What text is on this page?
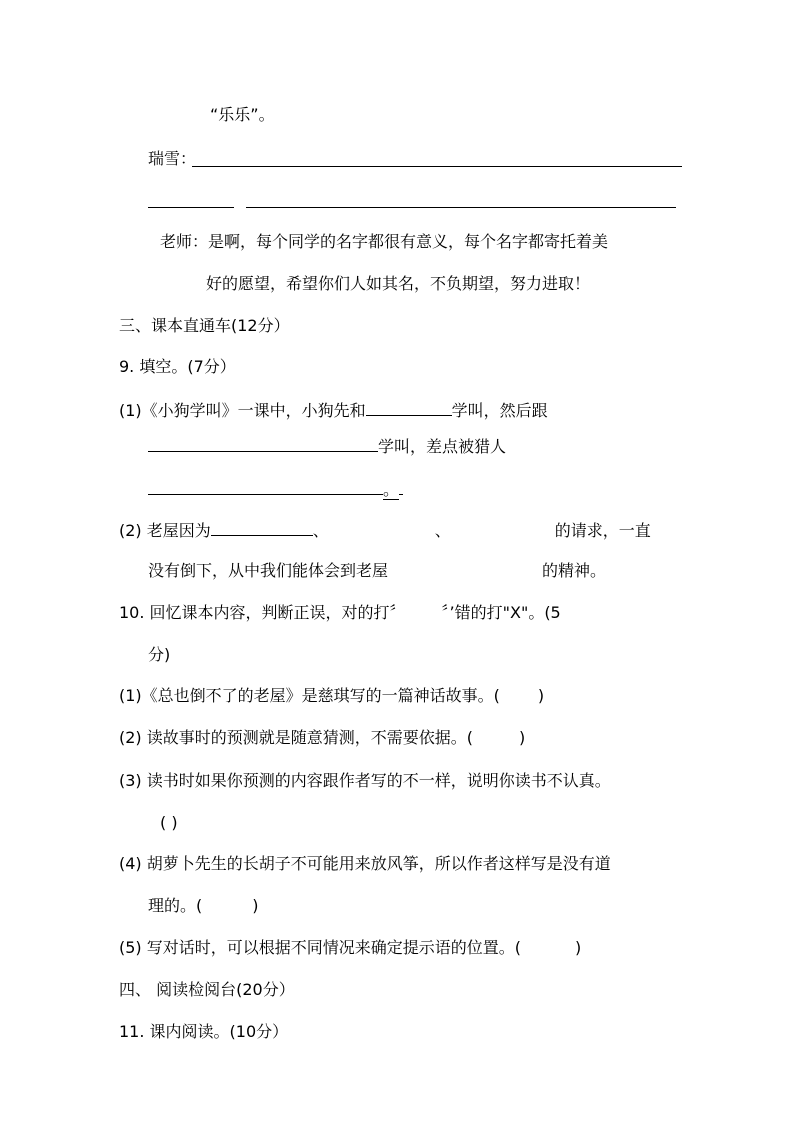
“乐乐”。
瑞雪：
老师：是啊，每个同学的名字都很有意义，每个名字都寄托着美
好的愿望，希望你们人如其名，不负期望，努力进取！
三、课本直通车(12分）
9. 填空。(7分）
(1)《小狗学叫》一课中，小狗先和	学叫，然后跟
学叫，差点被猎人
。
(2) 老屋因为	、	、	的请求，一直
没有倒下，从中我们能体会到老屋	的精神。
10. 回忆课本内容，判断正误，对的打〞 〞’错的打"X"。(5
分)
(1)《总也倒不了的老屋》是慈琪写的一篇神话故事。( )
(2) 读故事时的预测就是随意猜测，不需要依据。(	)
(3) 读书时如果你预测的内容跟作者写的不一样，说明你读书不认真。
( )
(4) 胡萝卜先生的长胡子不可能用来放风筝，所以作者这样写是没有道
理的。(	)
(5) 写对话时，可以根据不同情况来确定提示语的位置。(	)
四、 阅读检阅台(20分）
11. 课内阅读。(10分）
